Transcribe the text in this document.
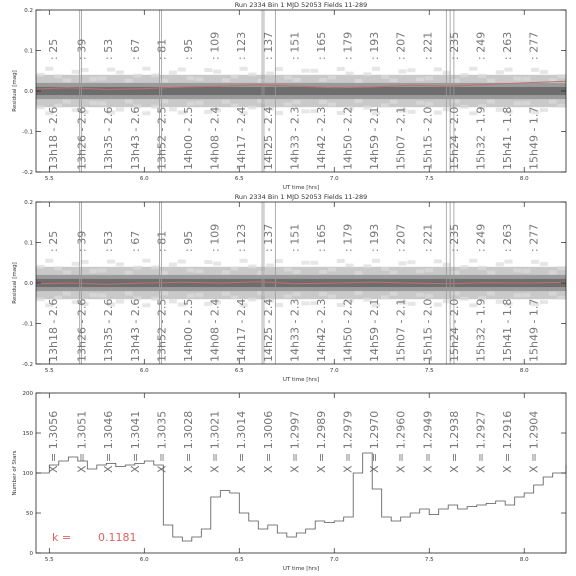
Run 2334 Bin 1 MJD 52053 Fields 11-289
: 25 : 39 : 53 : 67 : 81 : 95 : 109 : 123 : 137 : 151 : 165 : 179 : 193 : 207 : 221 : 235 : 249 : 263 : 277
13h18 - 2.6 13h26 - 2.6 13h35 - 2.6 13h43 - 2.6 13h52 - 2.5 14h00 - 2.5 14h08 - 2.4 14h17 - 2.4 14h25 - 2.4 14h33 - 2.3 14h42 - 2.3 14h50 - 2.2 14h59 - 2.1 15h07 - 2.1 15h15 - 2.0 15h24 - 2.0 15h32 - 1.9 15h41 - 1.8 15h49 - 1.7
5.5	6.0	6.5	7.0	7.5	8.0
-0.2
-0.1
0.0
0.1
0.2
UT time [hrs]
Residual [mag]
Run 2334 Bin 1 MJD 52053 Fields 11-289
: 25 : 39 : 53 : 67 : 81 : 95 : 109 : 123 : 137 : 151 : 165 : 179 : 193 : 207 : 221 : 235 : 249 : 263 : 277
13h18 - 2.6 13h26 - 2.6 13h35 - 2.6 13h43 - 2.6 13h52 - 2.5 14h00 - 2.5 14h08 - 2.4 14h17 - 2.4 14h25 - 2.4 14h33 - 2.3 14h42 - 2.3 14h50 - 2.2 14h59 - 2.1 15h07 - 2.1 15h15 - 2.0 15h24 - 2.0 15h32 - 1.9 15h41 - 1.8 15h49 - 1.7
5.5	6.0	6.5	7.0	7.5	8.0
-0.2
-0.1
0.0
0.1
0.2
UT time [hrs]
Residual [mag]
X = 1.3056 X = 1.3051 X = 1.3046 X = 1.3041 X = 1.3035 X = 1.3028 X = 1.3021 X = 1.3014 X = 1.3006 X = 1.2997 X = 1.2989 X = 1.2979 X = 1.2970 X = 1.2960 X = 1.2949 X = 1.2938 X = 1.2927 X = 1.2916 X = 1.2904
k = 0.1181
5.5	6.0	6.5	7.0	7.5	8.0
0
50
100
150
200
UT time [hrs]
Number of Stars
